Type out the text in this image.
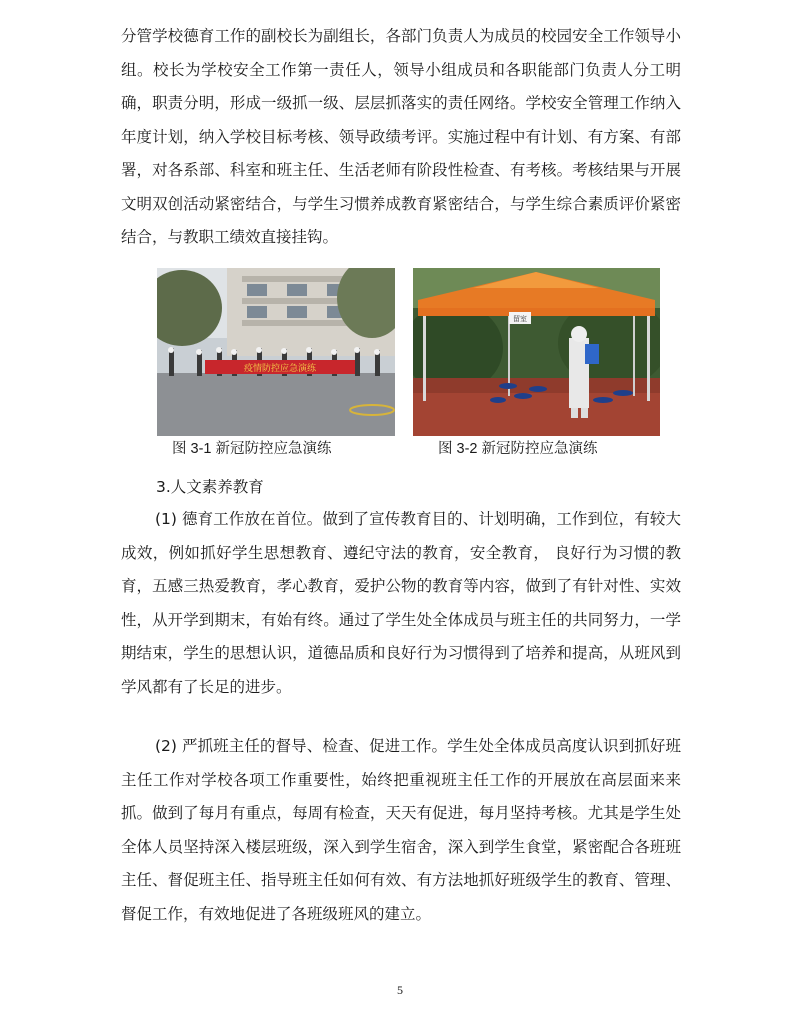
分管学校德育工作的副校长为副组长，各部门负责人为成员的校园安全工作领导小组。校长为学校安全工作第一责任人，领导小组成员和各职能部门负责人分工明确，职责分明，形成一级抓一级、层层抓落实的责任网络。学校安全管理工作纳入年度计划，纳入学校目标考核、领导政绩考评。实施过程中有计划、有方案、有部署，对各系部、科室和班主任、生活老师有阶段性检查、有考核。考核结果与开展文明双创活动紧密结合，与学生习惯养成教育紧密结合，与学生综合素质评价紧密结合，与教职工绩效直接挂钩。

疫情防控应急演练
留室
图 3-1 新冠防控应急演练	图 3-2 新冠防控应急演练

3.人文素养教育

(1) 德育工作放在首位。做到了宣传教育目的、计划明确，工作到位，有较大成效，例如抓好学生思想教育、遵纪守法的教育，安全教育， 良好行为习惯的教育，五感三热爱教育，孝心教育，爱护公物的教育等内容，做到了有针对性、实效性，从开学到期末，有始有终。通过了学生处全体成员与班主任的共同努力，一学期结束，学生的思想认识，道德品质和良好行为习惯得到了培养和提高，从班风到学风都有了长足的进步。

(2) 严抓班主任的督导、检查、促进工作。学生处全体成员高度认识到抓好班主任工作对学校各项工作重要性，始终把重视班主任工作的开展放在高层面来来抓。做到了每月有重点，每周有检查，天天有促进，每月坚持考核。尤其是学生处全体人员坚持深入楼层班级，深入到学生宿舍，深入到学生食堂，紧密配合各班班主任、督促班主任、指导班主任如何有效、有方法地抓好班级学生的教育、管理、督促工作，有效地促进了各班级班风的建立。

5
